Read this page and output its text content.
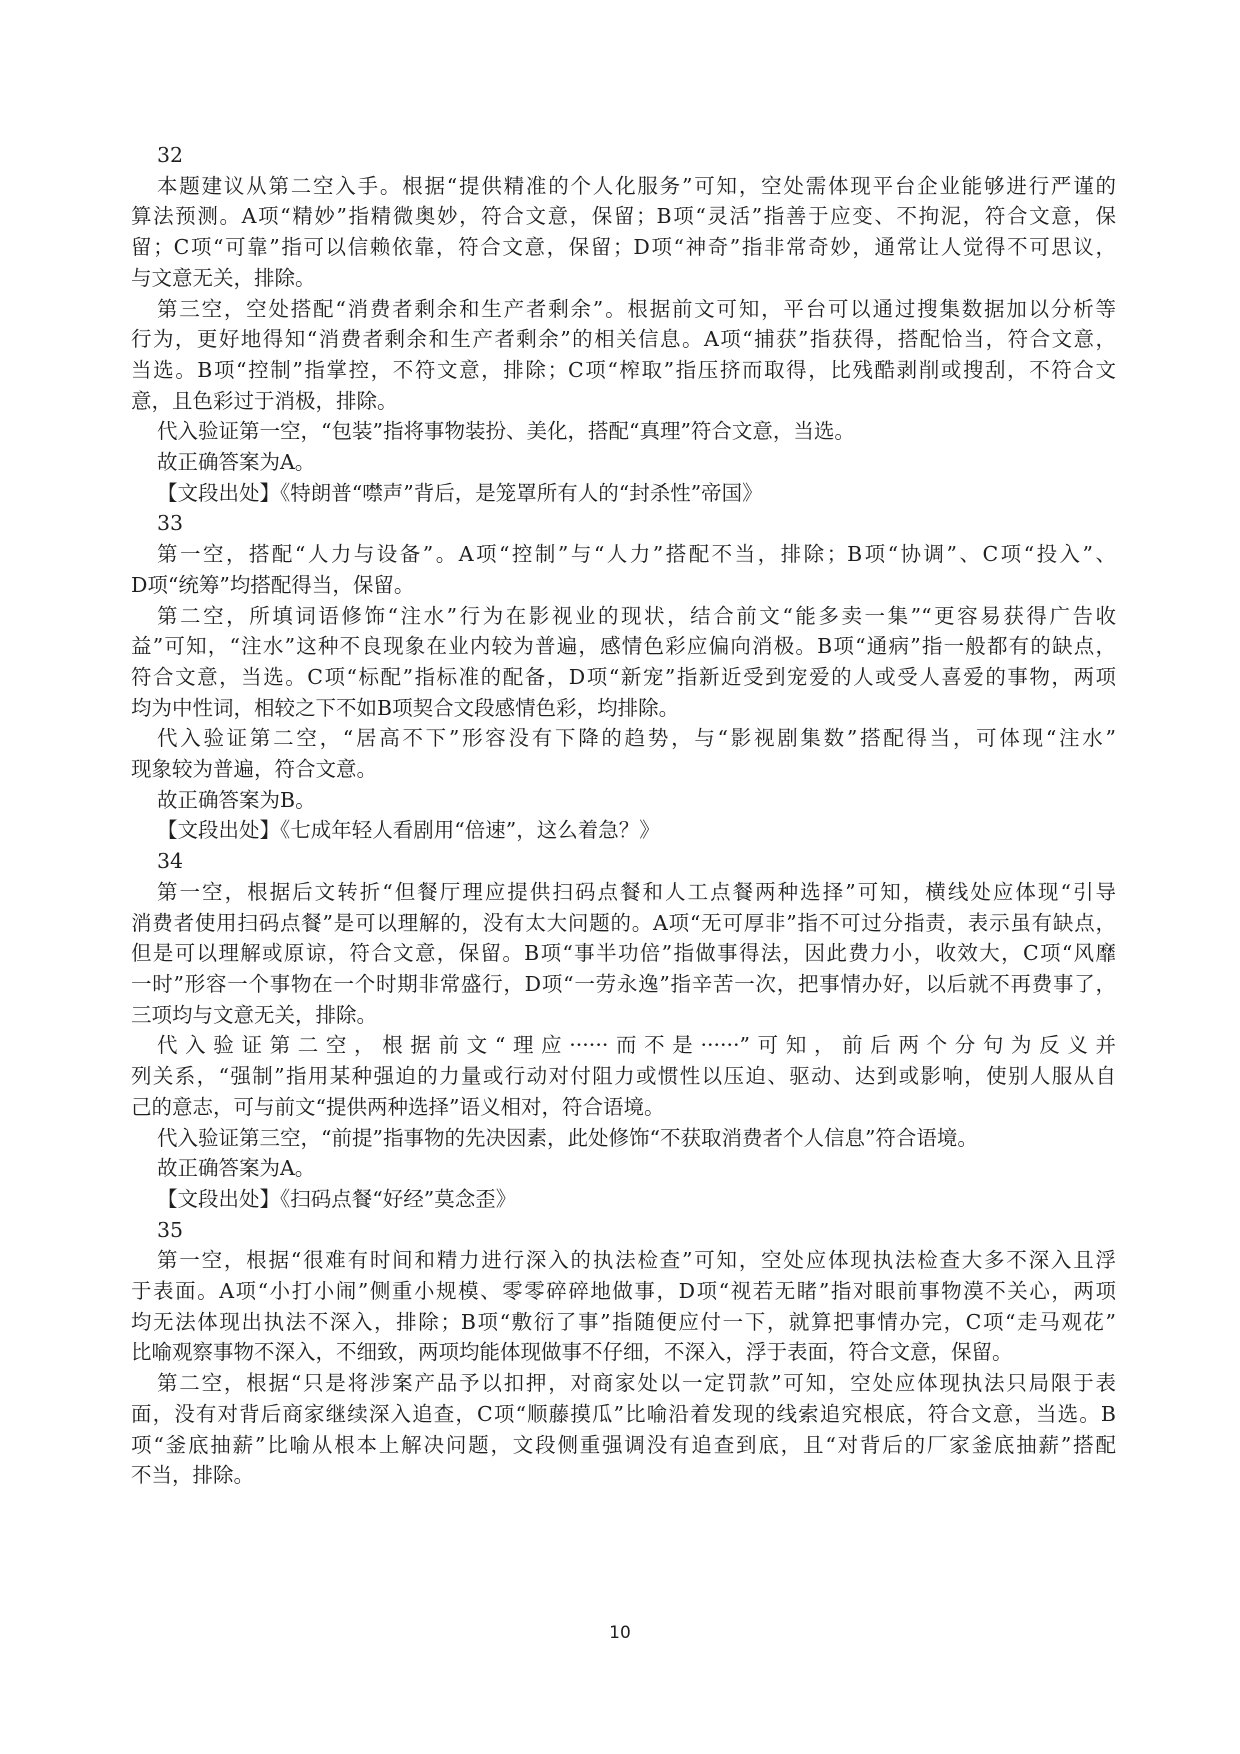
32

本题建议从第二空入手。根据“提供精准的个人化服务”可知，空处需体现平台企业能够进行严谨的
算法预测。A项“精妙”指精微奥妙，符合文意，保留；B项“灵活”指善于应变、不拘泥，符合文意，保
留；C项“可靠”指可以信赖依靠，符合文意，保留；D项“神奇”指非常奇妙，通常让人觉得不可思议，
与文意无关，排除。

第三空，空处搭配“消费者剩余和生产者剩余”。根据前文可知，平台可以通过搜集数据加以分析等
行为，更好地得知“消费者剩余和生产者剩余”的相关信息。A项“捕获”指获得，搭配恰当，符合文意，
当选。B项“控制”指掌控，不符文意，排除；C项“榨取”指压挤而取得，比残酷剥削或搜刮，不符合文
意，且色彩过于消极，排除。

代入验证第一空，“包装”指将事物装扮、美化，搭配“真理”符合文意，当选。

故正确答案为A。

【文段出处】《特朗普“噤声”背后，是笼罩所有人的“封杀性”帝国》

33

第一空，搭配“人力与设备”。A项“控制”与“人力”搭配不当，排除；B项“协调”、C项“投入”、
D项“统筹”均搭配得当，保留。

第二空，所填词语修饰“注水”行为在影视业的现状，结合前文“能多卖一集”“更容易获得广告收
益”可知，“注水”这种不良现象在业内较为普遍，感情色彩应偏向消极。B项“通病”指一般都有的缺点，
符合文意，当选。C项“标配”指标准的配备，D项“新宠”指新近受到宠爱的人或受人喜爱的事物，两项
均为中性词，相较之下不如B项契合文段感情色彩，均排除。

代入验证第二空，“居高不下”形容没有下降的趋势，与“影视剧集数”搭配得当，可体现“注水”
现象较为普遍，符合文意。

故正确答案为B。

【文段出处】《七成年轻人看剧用“倍速”，这么着急？》

34

第一空，根据后文转折“但餐厅理应提供扫码点餐和人工点餐两种选择”可知，横线处应体现“引导
消费者使用扫码点餐”是可以理解的，没有太大问题的。A项“无可厚非”指不可过分指责，表示虽有缺点，
但是可以理解或原谅，符合文意，保留。B项“事半功倍”指做事得法，因此费力小，收效大，C项“风靡
一时”形容一个事物在一个时期非常盛行，D项“一劳永逸”指辛苦一次，把事情办好，以后就不再费事了，
三项均与文意无关，排除。

代入验证第二空，根据前文“理应······而不是······”可知，前后两个分句为反义并
列关系，“强制”指用某种强迫的力量或行动对付阻力或惯性以压迫、驱动、达到或影响，使别人服从自
己的意志，可与前文“提供两种选择”语义相对，符合语境。

代入验证第三空，“前提”指事物的先决因素，此处修饰“不获取消费者个人信息”符合语境。

故正确答案为A。

【文段出处】《扫码点餐“好经”莫念歪》

35

第一空，根据“很难有时间和精力进行深入的执法检查”可知，空处应体现执法检查大多不深入且浮
于表面。A项“小打小闹”侧重小规模、零零碎碎地做事，D项“视若无睹”指对眼前事物漠不关心，两项
均无法体现出执法不深入，排除；B项“敷衍了事”指随便应付一下，就算把事情办完，C项“走马观花”
比喻观察事物不深入，不细致，两项均能体现做事不仔细，不深入，浮于表面，符合文意，保留。

第二空，根据“只是将涉案产品予以扣押，对商家处以一定罚款”可知，空处应体现执法只局限于表
面，没有对背后商家继续深入追查，C项“顺藤摸瓜”比喻沿着发现的线索追究根底，符合文意，当选。B
项“釜底抽薪”比喻从根本上解决问题，文段侧重强调没有追查到底，且“对背后的厂家釜底抽薪”搭配
不当，排除。

10
